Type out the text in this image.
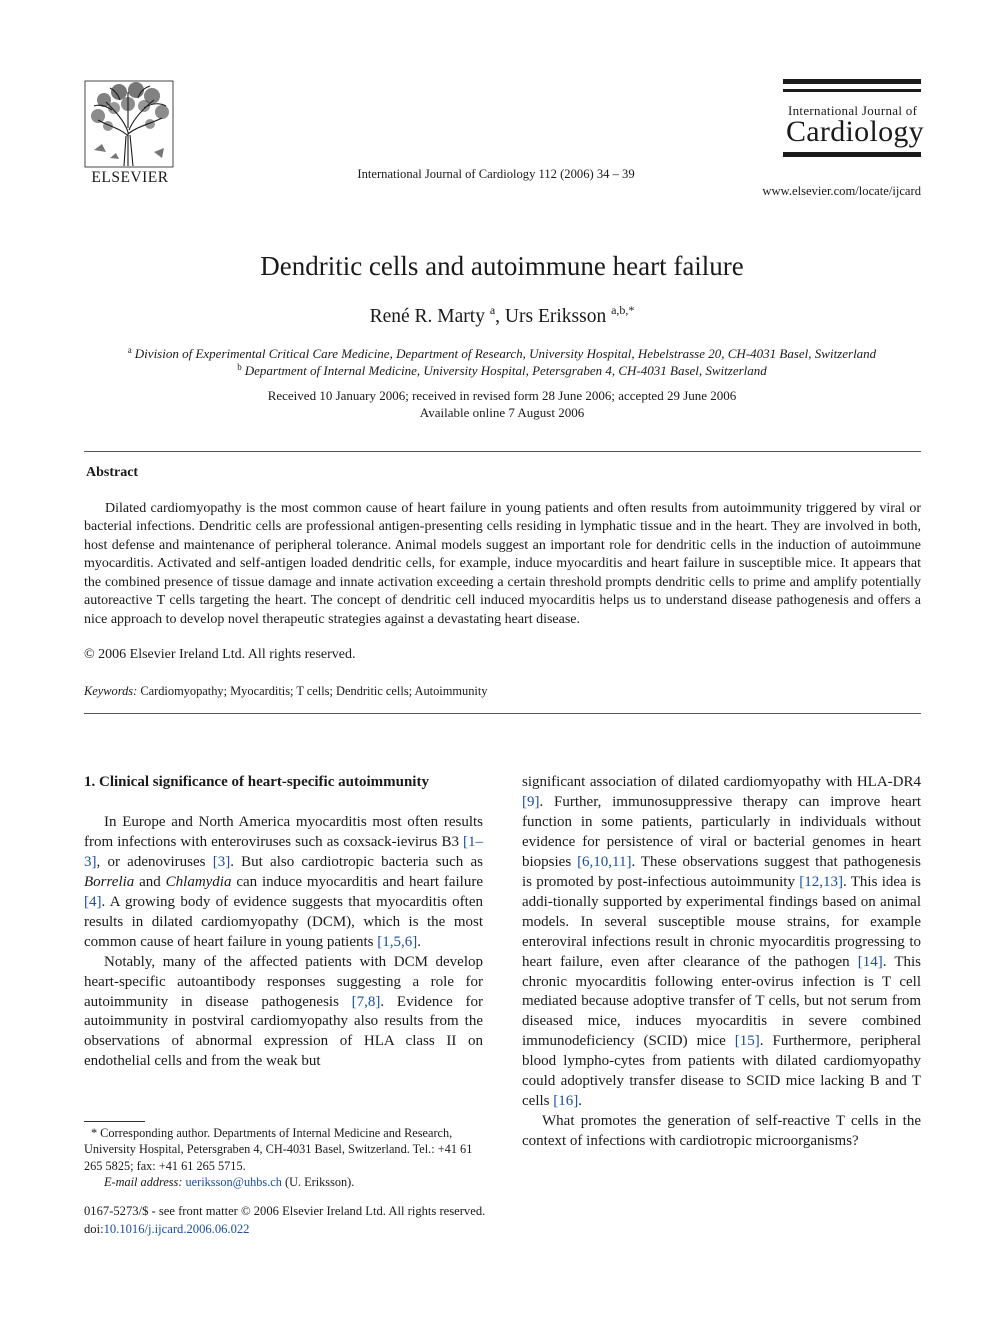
ELSEVIER	International Journal of Cardiology 112 (2006) 34 – 39
International Journal of
Cardiology
www.elsevier.com/locate/ijcard
Dendritic cells and autoimmune heart failure
René R. Marty $^a$, Urs Eriksson $^{a,b,*}$
$^a$ Division of Experimental Critical Care Medicine, Department of Research, University Hospital, Hebelstrasse 20, CH-4031 Basel, Switzerland
$^b$ Department of Internal Medicine, University Hospital, Petersgraben 4, CH-4031 Basel, Switzerland
Received 10 January 2006; received in revised form 28 June 2006; accepted 29 June 2006
Available online 7 August 2006
Abstract
Dilated cardiomyopathy is the most common cause of heart failure in young patients and often results from autoimmunity triggered by viral or bacterial infections. Dendritic cells are professional antigen-presenting cells residing in lymphatic tissue and in the heart. They are involved in both, host defense and maintenance of peripheral tolerance. Animal models suggest an important role for dendritic cells in the induction of autoimmune myocarditis. Activated and self-antigen loaded dendritic cells, for example, induce myocarditis and heart failure in susceptible mice. It appears that the combined presence of tissue damage and innate activation exceeding a certain threshold prompts dendritic cells to prime and amplify potentially autoreactive T cells targeting the heart. The concept of dendritic cell induced myocarditis helps us to understand disease pathogenesis and offers a nice approach to develop novel therapeutic strategies against a devastating heart disease.
© 2006 Elsevier Ireland Ltd. All rights reserved.
Keywords: Cardiomyopathy; Myocarditis; T cells; Dendritic cells; Autoimmunity
1. Clinical significance of heart-specific autoimmunity

In Europe and North America myocarditis most often results from infections with enteroviruses such as coxsack-ievirus B3 [1–3], or adenoviruses [3]. But also cardiotropic bacteria such as Borrelia and Chlamydia can induce myocarditis and heart failure [4]. A growing body of evidence suggests that myocarditis often results in dilated cardiomyopathy (DCM), which is the most common cause of heart failure in young patients [1,5,6].

Notably, many of the affected patients with DCM develop heart-specific autoantibody responses suggesting a role for autoimmunity in disease pathogenesis [7,8]. Evidence for autoimmunity in postviral cardiomyopathy also results from the observations of abnormal expression of HLA class II on endothelial cells and from the weak but

significant association of dilated cardiomyopathy with HLA-DR4 [9]. Further, immunosuppressive therapy can improve heart function in some patients, particularly in individuals without evidence for persistence of viral or bacterial genomes in heart biopsies [6,10,11]. These observations suggest that pathogenesis is promoted by post-infectious autoimmunity [12,13]. This idea is addi-tionally supported by experimental findings based on animal models. In several susceptible mouse strains, for example enteroviral infections result in chronic myocarditis progressing to heart failure, even after clearance of the pathogen [14]. This chronic myocarditis following enter-ovirus infection is T cell mediated because adoptive transfer of T cells, but not serum from diseased mice, induces myocarditis in severe combined immunodeficiency (SCID) mice [15]. Furthermore, peripheral blood lympho-cytes from patients with dilated cardiomyopathy could adoptively transfer disease to SCID mice lacking B and T cells [16].

What promotes the generation of self-reactive T cells in the context of infections with cardiotropic microorganisms?

* Corresponding author. Departments of Internal Medicine and Research, University Hospital, Petersgraben 4, CH-4031 Basel, Switzerland. Tel.: +41 61 265 5825; fax: +41 61 265 5715.
E-mail address: ueriksson@uhbs.ch (U. Eriksson).
0167-5273/$ - see front matter © 2006 Elsevier Ireland Ltd. All rights reserved.
doi:10.1016/j.ijcard.2006.06.022
